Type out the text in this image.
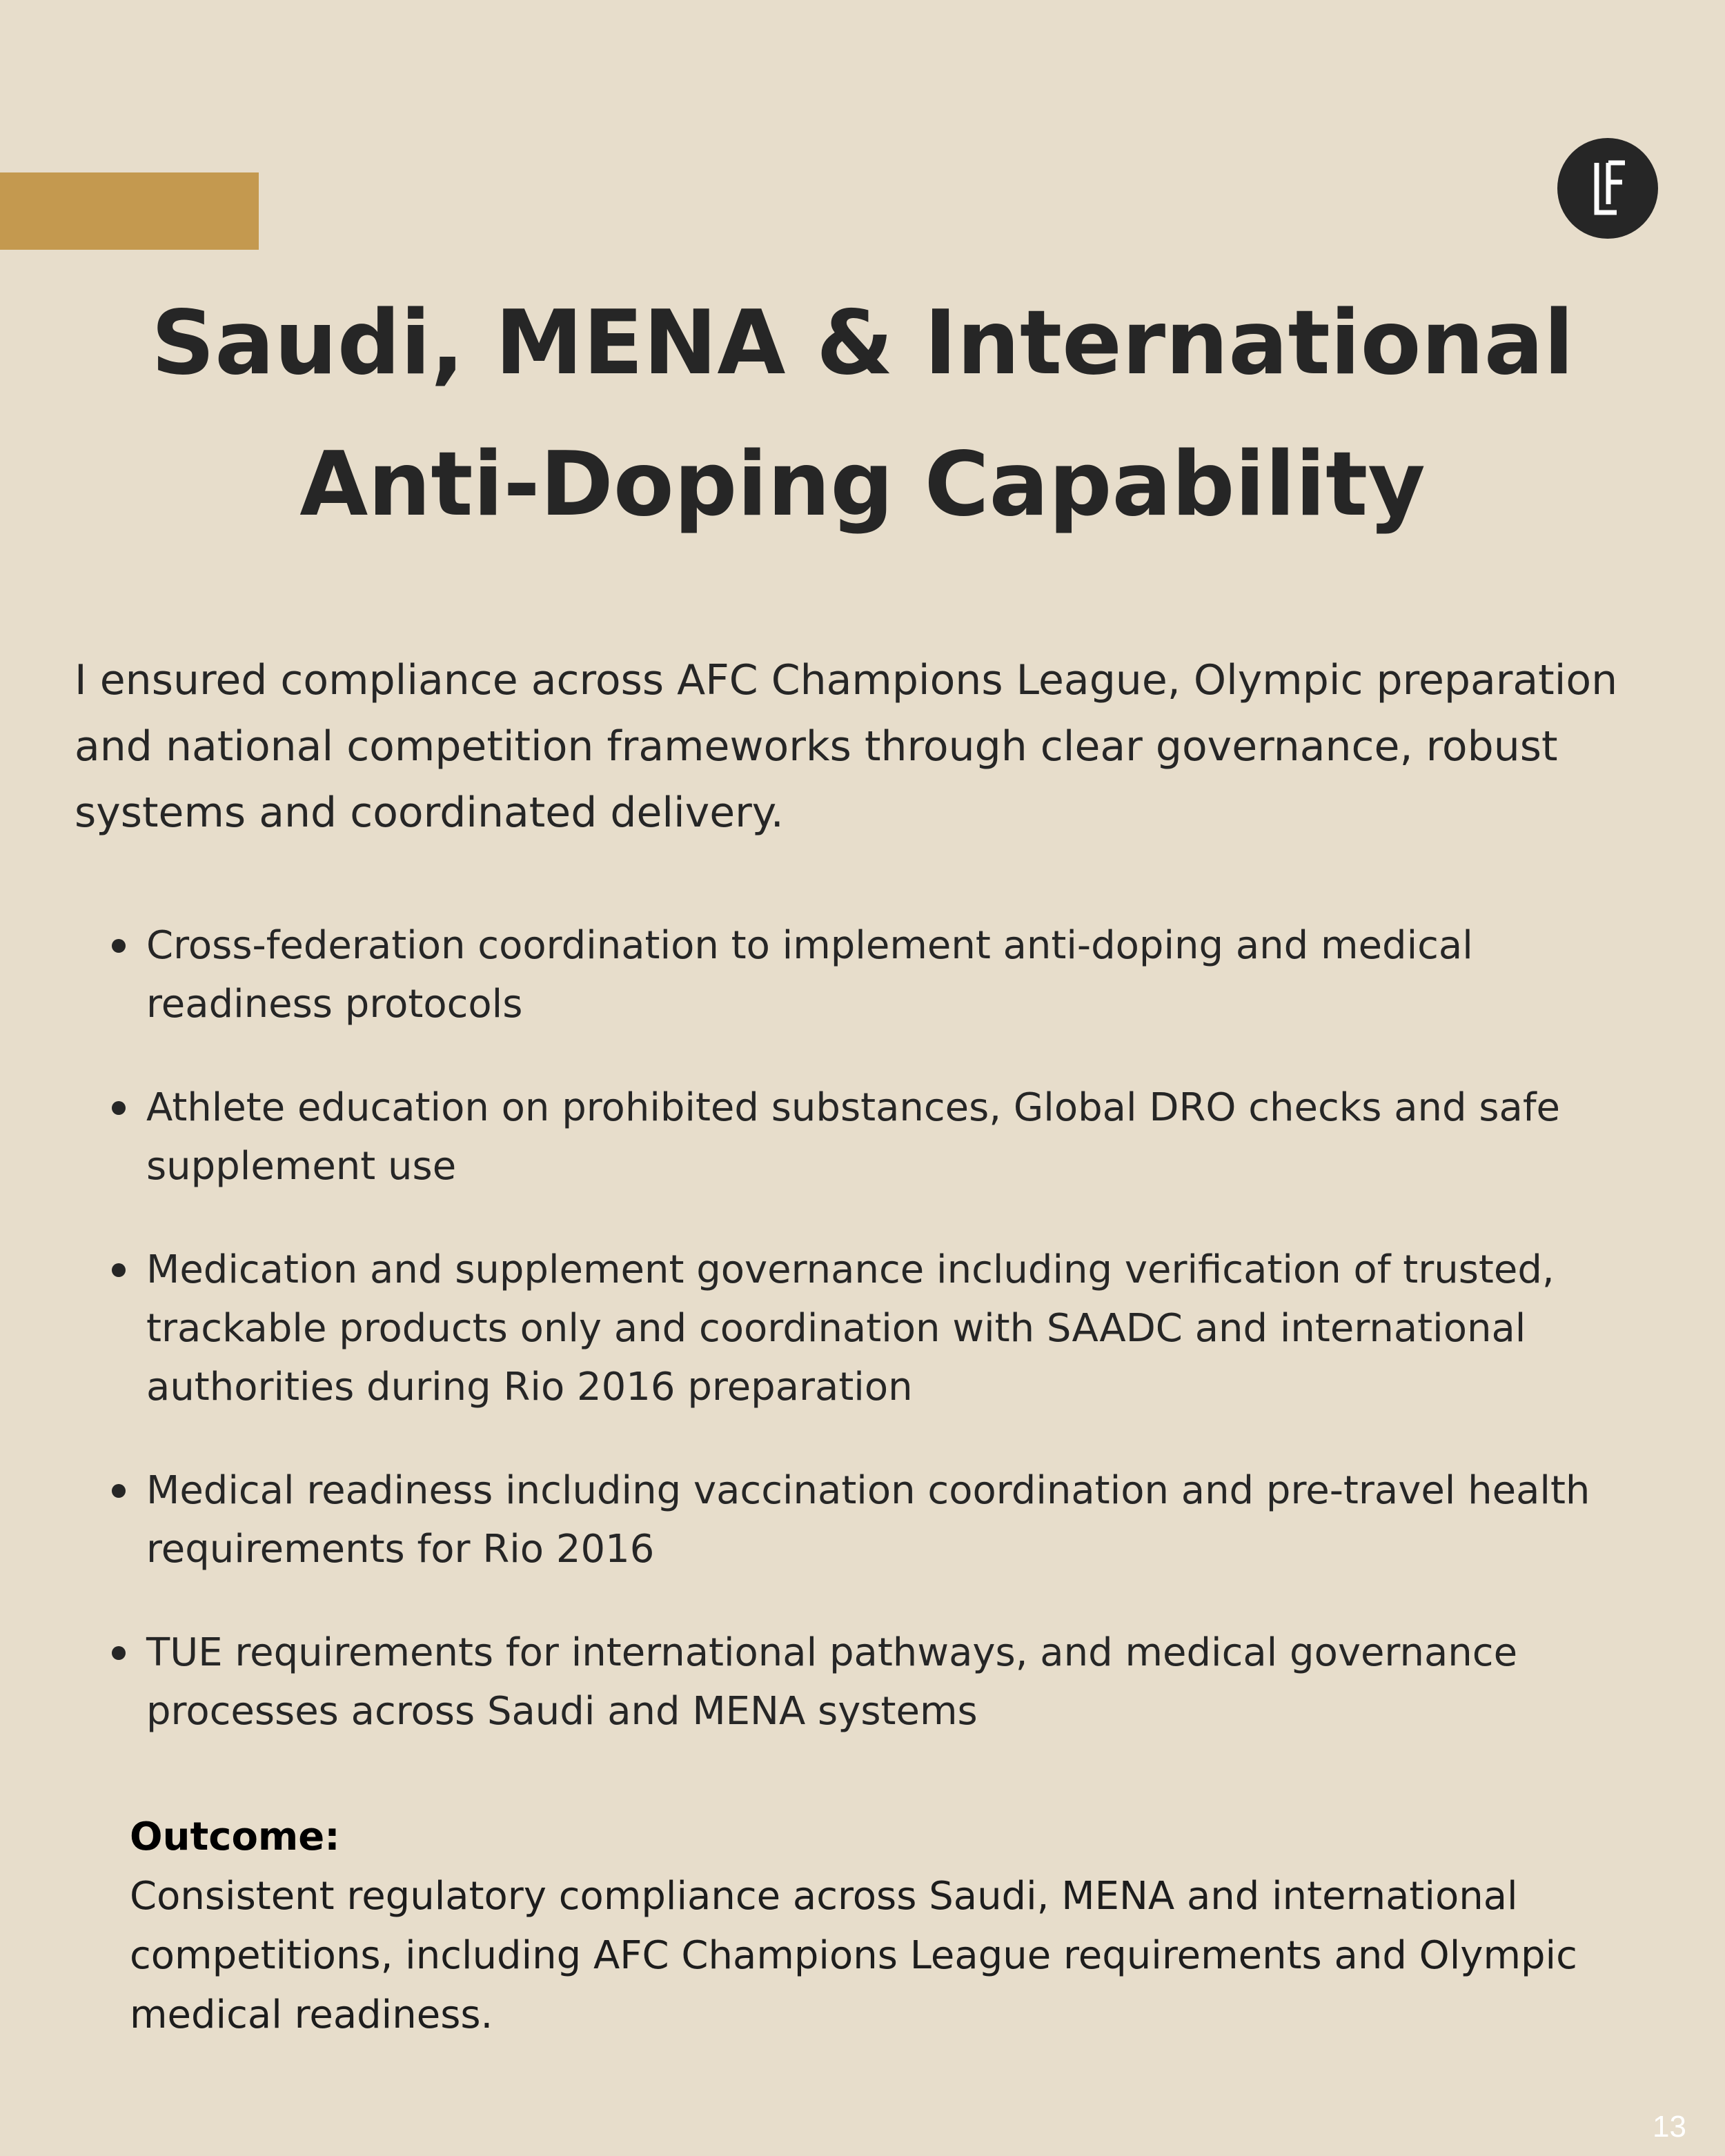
Saudi, MENA & International
Anti-Doping Capability

I ensured compliance across AFC Champions League, Olympic preparation and national competition frameworks through clear governance, robust systems and coordinated delivery.

Cross-federation coordination to implement anti-doping and medical readiness protocols
Athlete education on prohibited substances, Global DRO checks and safe supplement use
Medication and supplement governance including verification of trusted, trackable products only and coordination with SAADC and international authorities during Rio 2016 preparation
Medical readiness including vaccination coordination and pre-travel health requirements for Rio 2016
TUE requirements for international pathways, and medical governance processes across Saudi and MENA systems
Outcome:
Consistent regulatory compliance across Saudi, MENA and international competitions, including AFC Champions League requirements and Olympic medical readiness.
13
